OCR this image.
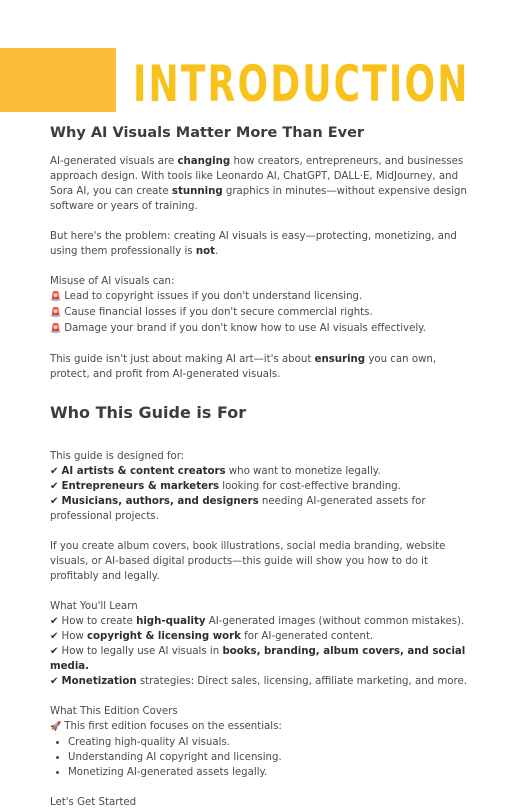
INTRODUCTION
Why AI Visuals Matter More Than Ever

AI-generated visuals are changing how creators, entrepreneurs, and businesses approach design. With tools like Leonardo AI, ChatGPT, DALL·E, MidJourney, and Sora AI, you can create stunning graphics in minutes—without expensive design software or years of training.

But here's the problem: creating AI visuals is easy—protecting, monetizing, and using them professionally is not.

Misuse of AI visuals can:
🚨 Lead to copyright issues if you don't understand licensing.
🚨 Cause financial losses if you don't secure commercial rights.
🚨 Damage your brand if you don't know how to use AI visuals effectively.

This guide isn't just about making AI art—it's about ensuring you can own, protect, and profit from AI-generated visuals.

Who This Guide is For
This guide is designed for:
✔ AI artists & content creators who want to monetize legally.
✔ Entrepreneurs & marketers looking for cost-effective branding.
✔ Musicians, authors, and designers needing AI-generated assets for professional projects.

If you create album covers, book illustrations, social media branding, website visuals, or AI-based digital products—this guide will show you how to do it profitably and legally.

What You'll Learn
✔ How to create high-quality AI-generated images (without common mistakes).
✔ How copyright & licensing work for AI-generated content.
✔ How to legally use AI visuals in books, branding, album covers, and social media.
✔ Monetization strategies: Direct sales, licensing, affiliate marketing, and more.
What This Edition Covers
🚀 This first edition focuses on the essentials:
• Creating high-quality AI visuals.
• Understanding AI copyright and licensing.
• Monetizing AI-generated assets legally.
Let's Get Started
